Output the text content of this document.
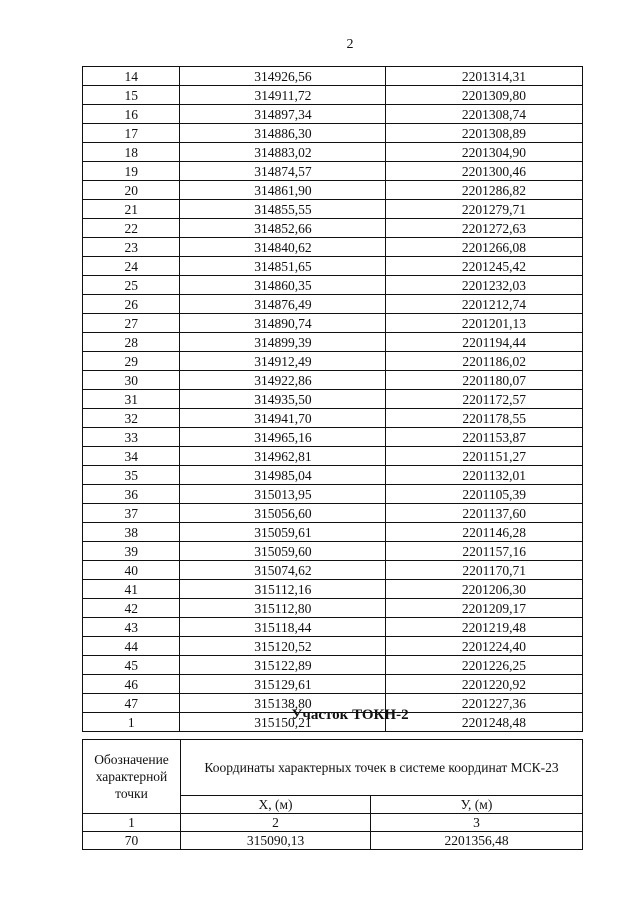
2
14	314926,56	2201314,31
15	314911,72	2201309,80
16	314897,34	2201308,74
17	314886,30	2201308,89
18	314883,02	2201304,90
19	314874,57	2201300,46
20	314861,90	2201286,82
21	314855,55	2201279,71
22	314852,66	2201272,63
23	314840,62	2201266,08
24	314851,65	2201245,42
25	314860,35	2201232,03
26	314876,49	2201212,74
27	314890,74	2201201,13
28	314899,39	2201194,44
29	314912,49	2201186,02
30	314922,86	2201180,07
31	314935,50	2201172,57
32	314941,70	2201178,55
33	314965,16	2201153,87
34	314962,81	2201151,27
35	314985,04	2201132,01
36	315013,95	2201105,39
37	315056,60	2201137,60
38	315059,61	2201146,28
39	315059,60	2201157,16
40	315074,62	2201170,71
41	315112,16	2201206,30
42	315112,80	2201209,17
43	315118,44	2201219,48
44	315120,52	2201224,40
45	315122,89	2201226,25
46	315129,61	2201220,92
47	315138,80	2201227,36
1	315150,21	2201248,48
Участок ТОКН-2
Обозначение характерной точки	Координаты характерных точек в системе координат МСК-23	
	X, (м)	У, (м)
1	2	3
70	315090,13	2201356,48
